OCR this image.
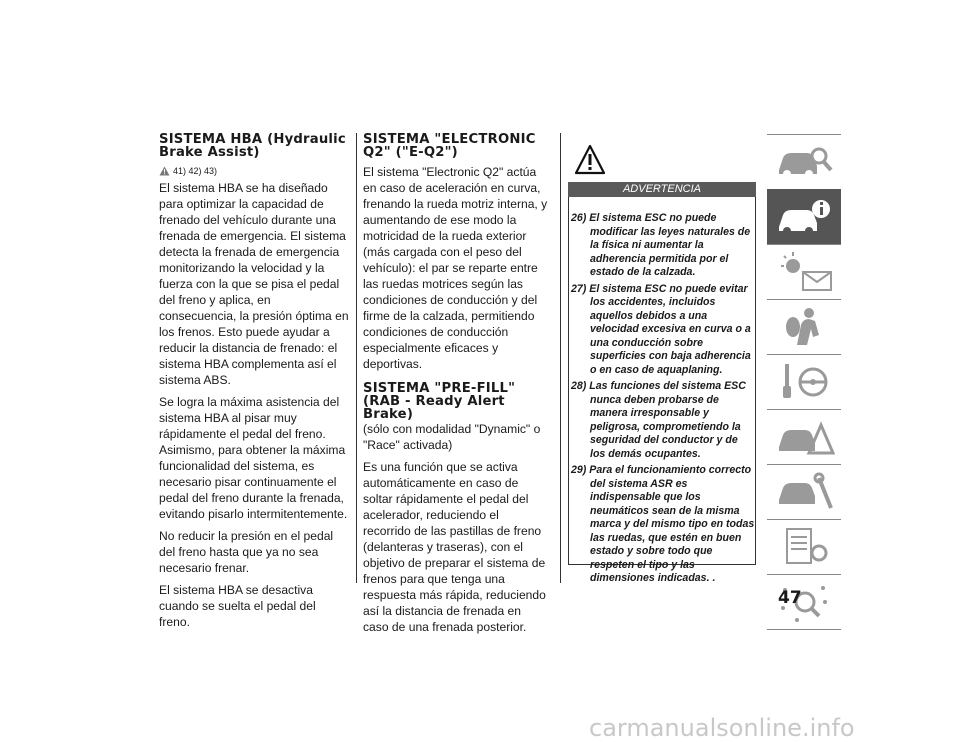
SISTEMA HBA (Hydraulic
Brake Assist)
41) 42) 43)

El sistema HBA se ha diseñado para optimizar la capacidad de frenado del vehículo durante una frenada de emergencia. El sistema detecta la frenada de emergencia monitorizando la velocidad y la fuerza con la que se pisa el pedal del freno y aplica, en consecuencia, la presión óptima en los frenos. Esto puede ayudar a reducir la distancia de frenado: el sistema HBA complementa así el sistema ABS.

Se logra la máxima asistencia del sistema HBA al pisar muy rápidamente el pedal del freno. Asimismo, para obtener la máxima funcionalidad del sistema, es necesario pisar continuamente el pedal del freno durante la frenada, evitando pisarlo intermitentemente.

No reducir la presión en el pedal del freno hasta que ya no sea necesario frenar.

El sistema HBA se desactiva cuando se suelta el pedal del freno.

SISTEMA "ELECTRONIC
Q2" ("E-Q2")

El sistema "Electronic Q2" actúa en caso de aceleración en curva, frenando la rueda motriz interna, y aumentando de ese modo la motricidad de la rueda exterior (más cargada con el peso del vehículo): el par se reparte entre las ruedas motrices según las condiciones de conducción y del firme de la calzada, permitiendo condiciones de conducción especialmente eficaces y deportivas.

SISTEMA "PRE-FILL"
(RAB - Ready Alert
Brake)

(sólo con modalidad "Dynamic" o "Race" activada)

Es una función que se activa automáticamente en caso de soltar rápidamente el pedal del acelerador, reduciendo el recorrido de las pastillas de freno (delanteras y traseras), con el objetivo de preparar el sistema de frenos para que tenga una respuesta más rápida, reduciendo así la distancia de frenada en caso de una frenada posterior.

ADVERTENCIA
26) El sistema ESC no puede modificar las leyes naturales de la física ni aumentar la adherencia permitida por el estado de la calzada.
27) El sistema ESC no puede evitar los accidentes, incluidos aquellos debidos a una velocidad excesiva en curva o a una conducción sobre superficies con baja adherencia o en caso de aquaplaning.
28) Las funciones del sistema ESC nunca deben probarse de manera irresponsable y peligrosa, comprometiendo la seguridad del conductor y de los demás ocupantes.
29) Para el funcionamiento correcto del sistema ASR es indispensable que los neumáticos sean de la misma marca y del mismo tipo en todas las ruedas, que estén en buen estado y sobre todo que respeten el tipo y las dimensiones indicadas. .
47
carmanualsonline.info
